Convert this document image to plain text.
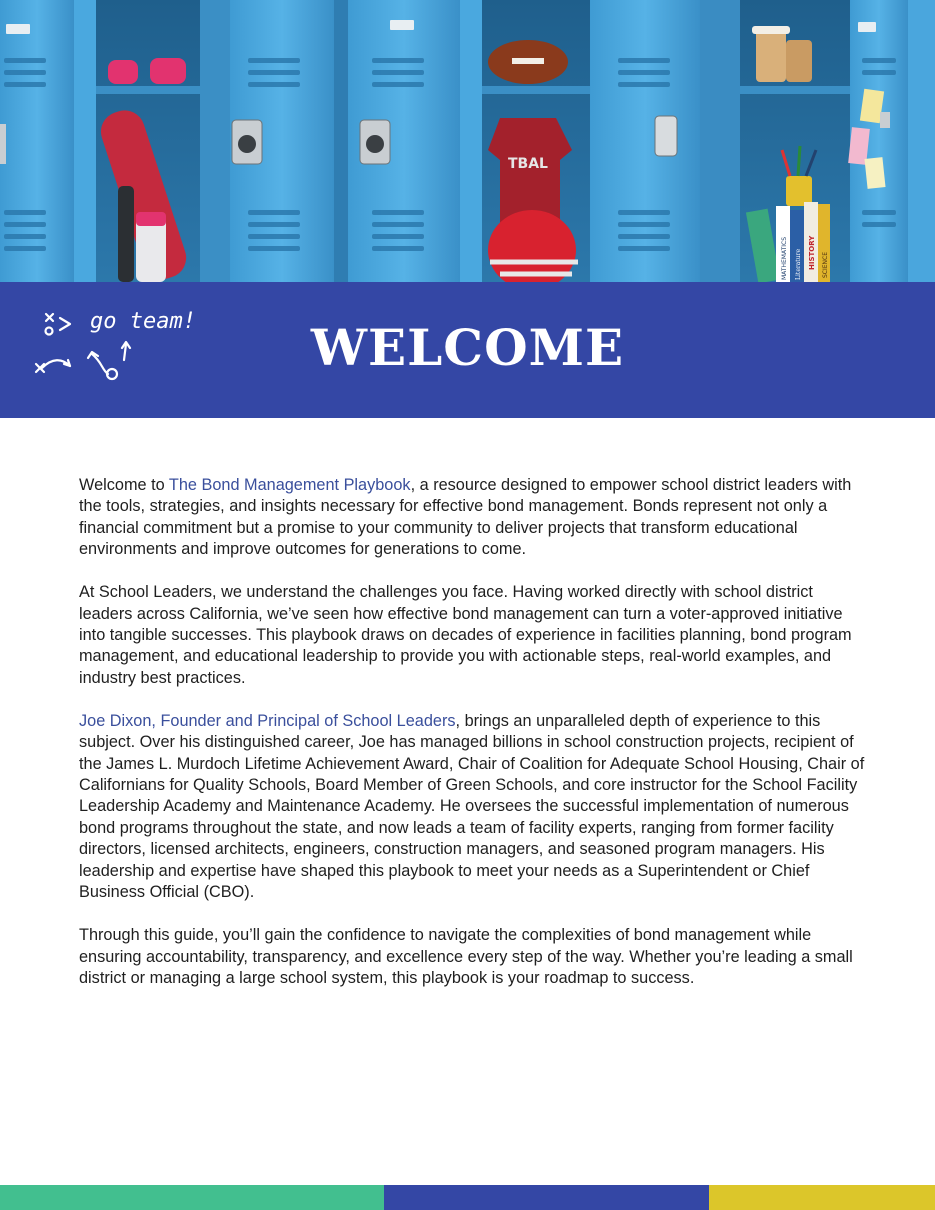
TBAL
MATHEMATICS Literature HISTORY SCIENCE
go team!	WELCOME

Welcome to The Bond Management Playbook, a resource designed to empower school district leaders with the tools, strategies, and insights necessary for effective bond management. Bonds represent not only a financial commitment but a promise to your community to deliver projects that transform educational environments and improve outcomes for generations to come.

At School Leaders, we understand the challenges you face. Having worked directly with school district leaders across California, we’ve seen how effective bond management can turn a voter-approved initiative into tangible successes. This playbook draws on decades of experience in facilities planning, bond program management, and educational leadership to provide you with actionable steps, real-world examples, and industry best practices.

Joe Dixon, Founder and Principal of School Leaders, brings an unparalleled depth of experience to this subject. Over his distinguished career, Joe has managed billions in school construction projects, recipient of the James L. Murdoch Lifetime Achievement Award, Chair of Coalition for Adequate School Housing, Chair of Californians for Quality Schools, Board Member of Green Schools, and core instructor for the School Facility Leadership Academy and Maintenance Academy. He oversees the successful implementation of numerous bond programs throughout the state, and now leads a team of facility experts, ranging from former facility directors, licensed architects, engineers, construction managers, and seasoned program managers. His leadership and expertise have shaped this playbook to meet your needs as a Superintendent or Chief Business Official (CBO).

Through this guide, you’ll gain the confidence to navigate the complexities of bond management while ensuring accountability, transparency, and excellence every step of the way. Whether you’re leading a small district or managing a large school system, this playbook is your roadmap to success.
